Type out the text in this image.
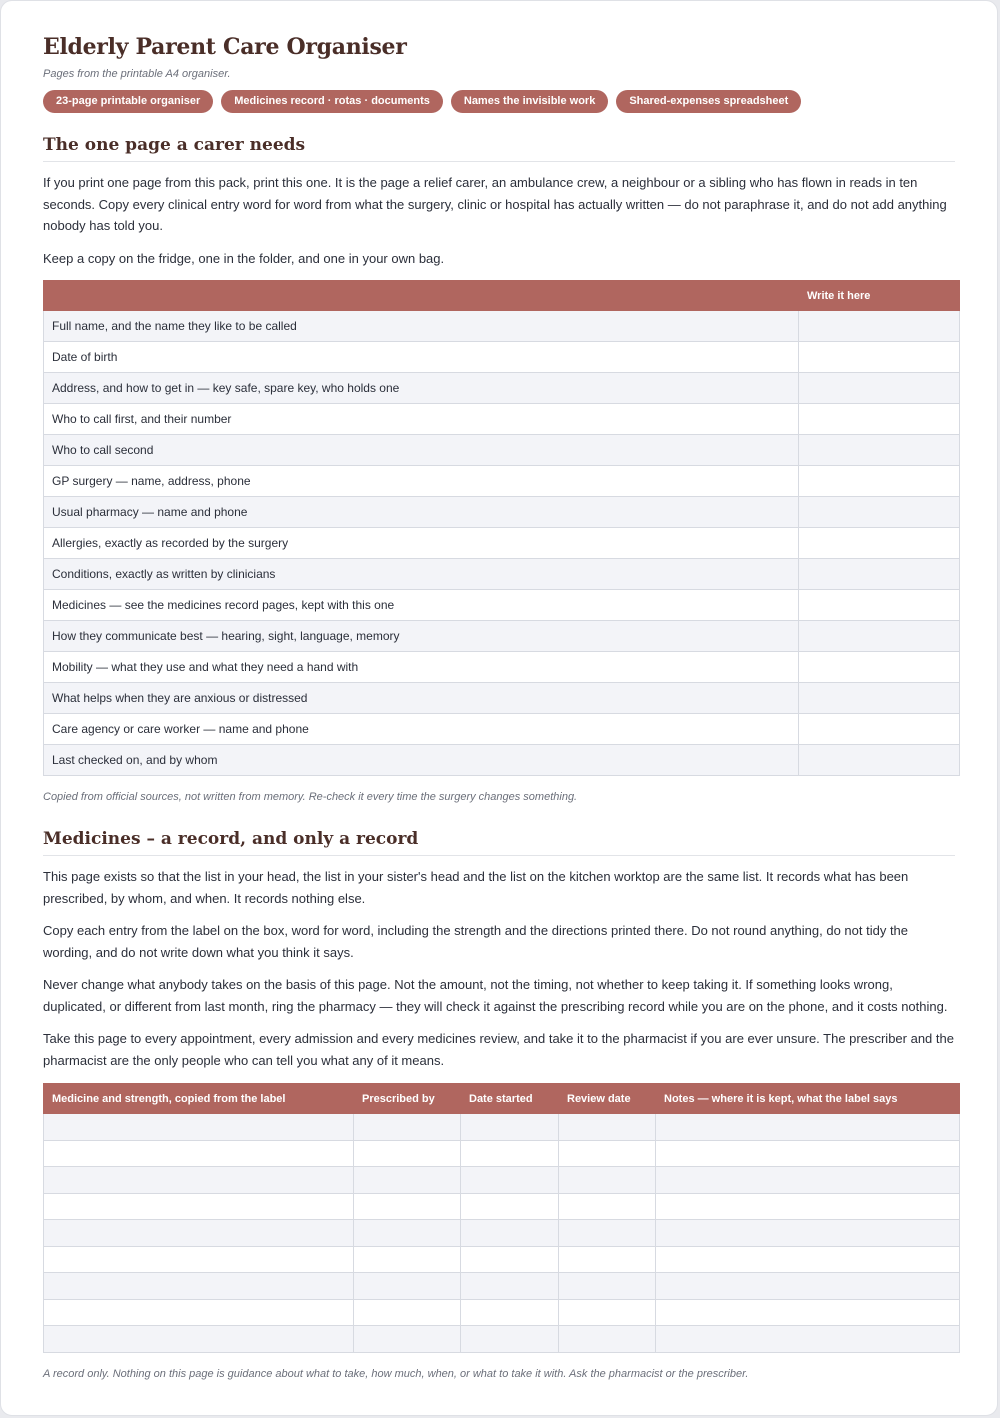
Elderly Parent Care Organiser

Pages from the printable A4 organiser.

23-page printable organiser	Medicines record · rotas · documents	Names the invisible work	Shared-expenses spreadsheet
The one page a carer needs

If you print one page from this pack, print this one. It is the page a relief carer, an ambulance crew, a neighbour or a sibling who has flown in reads in ten seconds. Copy every clinical entry word for word from what the surgery, clinic or hospital has actually written — do not paraphrase it, and do not add anything nobody has told you.

Keep a copy on the fridge, one in the folder, and one in your own bag.

	Write it here
Full name, and the name they like to be called	
Date of birth	
Address, and how to get in — key safe, spare key, who holds one	
Who to call first, and their number	
Who to call second	
GP surgery — name, address, phone	
Usual pharmacy — name and phone	
Allergies, exactly as recorded by the surgery	
Conditions, exactly as written by clinicians	
Medicines — see the medicines record pages, kept with this one	
How they communicate best — hearing, sight, language, memory	
Mobility — what they use and what they need a hand with	
What helps when they are anxious or distressed	
Care agency or care worker — name and phone	
Last checked on, and by whom	

Copied from official sources, not written from memory. Re-check it every time the surgery changes something.

Medicines – a record, and only a record

This page exists so that the list in your head, the list in your sister's head and the list on the kitchen worktop are the same list. It records what has been prescribed, by whom, and when. It records nothing else.

Copy each entry from the label on the box, word for word, including the strength and the directions printed there. Do not round anything, do not tidy the wording, and do not write down what you think it says.

Never change what anybody takes on the basis of this page. Not the amount, not the timing, not whether to keep taking it. If something looks wrong, duplicated, or different from last month, ring the pharmacy — they will check it against the prescribing record while you are on the phone, and it costs nothing.

Take this page to every appointment, every admission and every medicines review, and take it to the pharmacist if you are ever unsure. The prescriber and the pharmacist are the only people who can tell you what any of it means.

Medicine and strength, copied from the label	Prescribed by	Date started	Review date	Notes — where it is kept, what the label says

A record only. Nothing on this page is guidance about what to take, how much, when, or what to take it with. Ask the pharmacist or the prescriber.
